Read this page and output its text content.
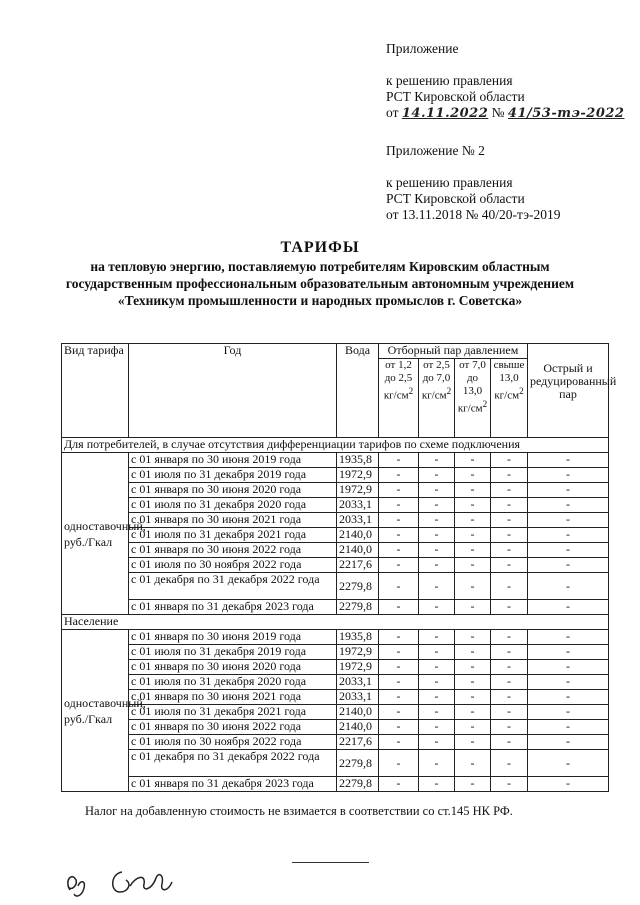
Приложение
к решению правления
РСТ Кировской области
от 14.11.2022 № 41/53-тэ-2022
Приложение № 2
к решению правления
РСТ Кировской области
от 13.11.2018 № 40/20-тэ-2019
ТАРИФЫ
на тепловую энергию, поставляемую потребителям Кировским областным государственным профессиональным образовательным автономным учреждением «Техникум промышленности и народных промыслов г. Советска»
Вид тарифа	Год	Вода	Отборный пар давлением				Острый и редуцированный пар
			от 1,2 до 2,5 $кг/см^2$	от 2,5 до 7,0 $кг/см^2$	от 7,0 до 13,0 $кг/см^2$	свыше 13,0 $кг/см^2$
Для потребителей, в случае отсутствия дифференциации тарифов по схеме подключения							
одноставочный, руб./Гкал	с 01 января по 30 июня 2019 года	1935,8	-	-	-	-	-
	с 01 июля по 31 декабря 2019 года	1972,9	-	-	-	-	-
	с 01 января по 30 июня 2020 года	1972,9	-	-	-	-	-
	с 01 июля по 31 декабря 2020 года	2033,1	-	-	-	-	-
	с 01 января по 30 июня 2021 года	2033,1	-	-	-	-	-
	с 01 июля по 31 декабря 2021 года	2140,0	-	-	-	-	-
	с 01 января по 30 июня 2022 года	2140,0	-	-	-	-	-
	с 01 июля по 30 ноября 2022 года	2217,6	-	-	-	-	-
	с 01 декабря по 31 декабря 2022 года	2279,8	-	-	-	-	-
	с 01 января по 31 декабря 2023 года	2279,8	-	-	-	-	-
Население							
одноставочный, руб./Гкал	с 01 января по 30 июня 2019 года	1935,8	-	-	-	-	-
	с 01 июля по 31 декабря 2019 года	1972,9	-	-	-	-	-
	с 01 января по 30 июня 2020 года	1972,9	-	-	-	-	-
	с 01 июля по 31 декабря 2020 года	2033,1	-	-	-	-	-
	с 01 января по 30 июня 2021 года	2033,1	-	-	-	-	-
	с 01 июля по 31 декабря 2021 года	2140,0	-	-	-	-	-
	с 01 января по 30 июня 2022 года	2140,0	-	-	-	-	-
	с 01 июля по 30 ноября 2022 года	2217,6	-	-	-	-	-
	с 01 декабря по 31 декабря 2022 года	2279,8	-	-	-	-	-
	с 01 января по 31 декабря 2023 года	2279,8	-	-	-	-	-
Налог на добавленную стоимость не взимается в соответствии со ст.145 НК РФ.
